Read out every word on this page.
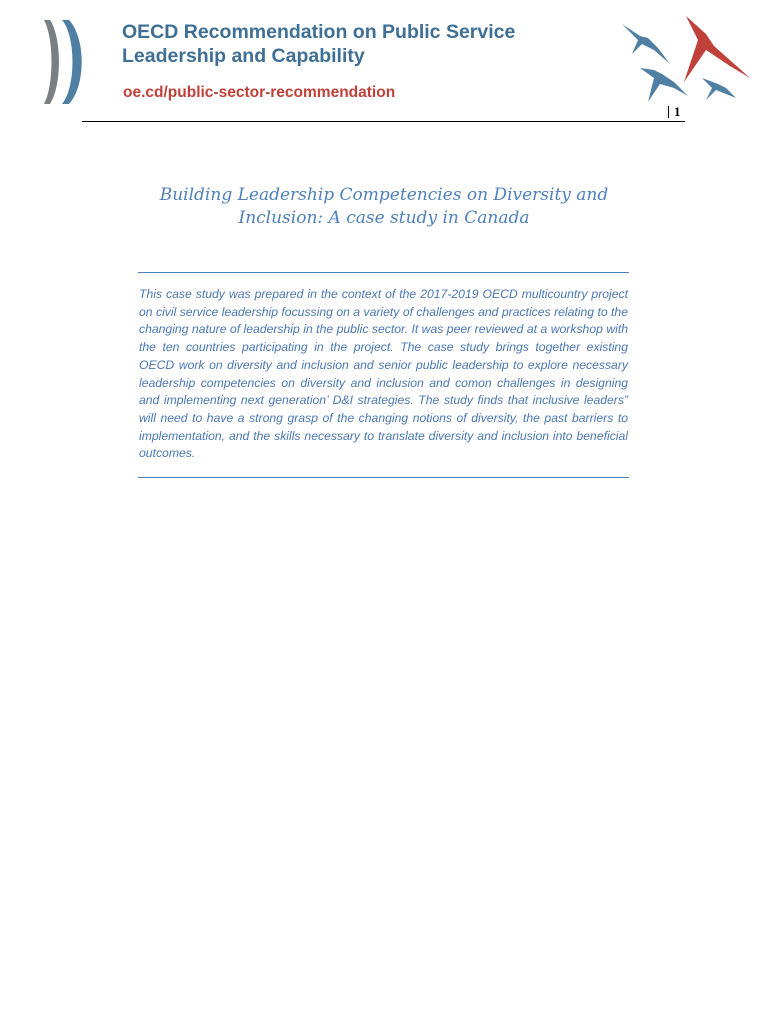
OECD Recommendation on Public Service
Leadership and Capability
oe.cd/public-sector-recommendation
1
Building Leadership Competencies on Diversity and
Inclusion: A case study in Canada

This case study was prepared in the context of the 2017-2019 OECD multicountry project on civil service leadership focussing on a variety of challenges and practices relating to the changing nature of leadership in the public sector. It was peer reviewed at a workshop with the ten countries participating in the project. The case study brings together existing OECD work on diversity and inclusion and senior public leadership to explore necessary leadership competencies on diversity and inclusion and comon challenges in designing and implementing next generation’ D&I strategies. The study finds that inclusive leaders” will need to have a strong grasp of the changing notions of diversity, the past barriers to implementation, and the skills necessary to translate diversity and inclusion into beneficial outcomes.
